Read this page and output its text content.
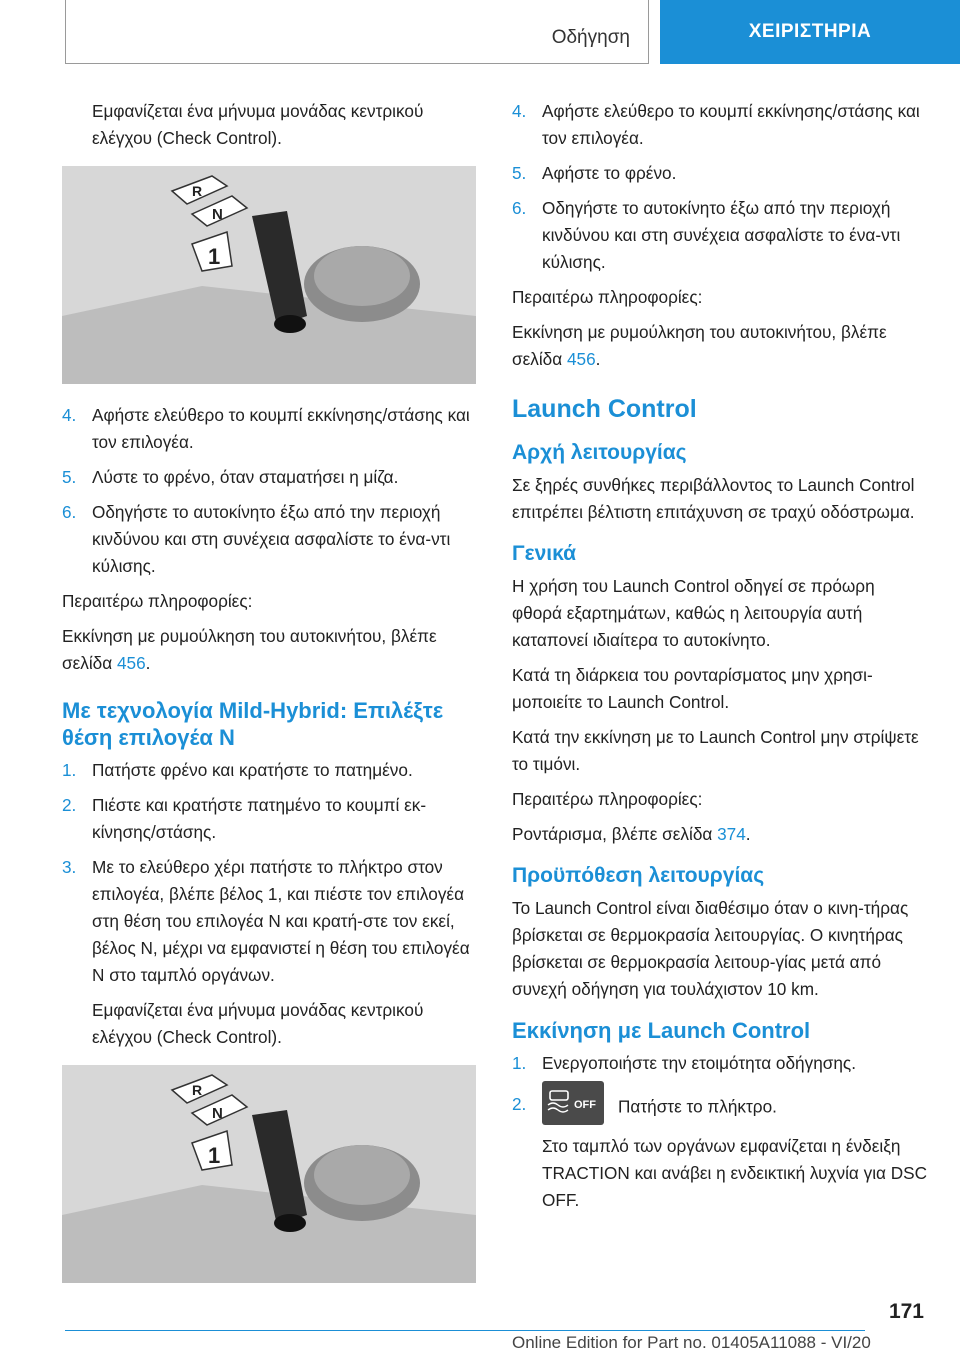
Οδήγηση	ΧΕΙΡΙΣΤΗΡΙΑ

Εμφανίζεται ένα μήνυμα μονάδας κεντρικού ελέγχου (Check Control).

R
N
1
4. Αφήστε ελεύθερο το κουμπί εκκίνησης/στάσης και τον επιλογέα.
5. Λύστε το φρένο, όταν σταματήσει η μίζα.
6. Οδηγήστε το αυτοκίνητο έξω από την περιοχή κινδύνου και στη συνέχεια ασφαλίστε το ένα-ντι κύλισης.

Περαιτέρω πληροφορίες:

Εκκίνηση με ρυμούλκηση του αυτοκινήτου, βλέπε σελίδα 456.

Με τεχνολογία Mild-Hybrid: Επιλέξτε θέση επιλογέα N
1. Πατήστε φρένο και κρατήστε το πατημένο.
2. Πιέστε και κρατήστε πατημένο το κουμπί εκ-κίνησης/στάσης.
3. Με το ελεύθερο χέρι πατήστε το πλήκτρο στον επιλογέα, βλέπε βέλος 1, και πιέστε τον επιλογέα στη θέση του επιλογέα N και κρατή-στε τον εκεί, βέλος N, μέχρι να εμφανιστεί η θέση του επιλογέα N στο ταμπλό οργάνων.

Εμφανίζεται ένα μήνυμα μονάδας κεντρικού ελέγχου (Check Control).

R
N
1
4. Αφήστε ελεύθερο το κουμπί εκκίνησης/στάσης και τον επιλογέα.
5. Αφήστε το φρένο.
6. Οδηγήστε το αυτοκίνητο έξω από την περιοχή κινδύνου και στη συνέχεια ασφαλίστε το ένα-ντι κύλισης.

Περαιτέρω πληροφορίες:

Εκκίνηση με ρυμούλκηση του αυτοκινήτου, βλέπε σελίδα 456.

Launch Control
Αρχή λειτουργίας

Σε ξηρές συνθήκες περιβάλλοντος το Launch Control επιτρέπει βέλτιστη επιτάχυνση σε τραχύ οδόστρωμα.

Γενικά

Η χρήση του Launch Control οδηγεί σε πρόωρη φθορά εξαρτημάτων, καθώς η λειτουργία αυτή καταπονεί ιδιαίτερα το αυτοκίνητο.

Κατά τη διάρκεια του ρονταρίσματος μην χρησι-μοποιείτε το Launch Control.

Κατά την εκκίνηση με το Launch Control μην στρίψετε το τιμόνι.

Περαιτέρω πληροφορίες:

Ροντάρισμα, βλέπε σελίδα 374.

Προϋπόθεση λειτουργίας

Το Launch Control είναι διαθέσιμο όταν ο κινη-τήρας βρίσκεται σε θερμοκρασία λειτουργίας. Ο κινητήρας βρίσκεται σε θερμοκρασία λειτουρ-γίας μετά από συνεχή οδήγηση για τουλάχιστον 10 km.

Εκκίνηση με Launch Control
1. Ενεργοποιήστε την ετοιμότητα οδήγησης.
2.	OFF Πατήστε το πλήκτρο.

Στο ταμπλό των οργάνων εμφανίζεται η ένδειξη TRACTION και ανάβει η ενδεικτική λυχνία για DSC OFF.

171
Online Edition for Part no. 01405A11088 - VI/20
